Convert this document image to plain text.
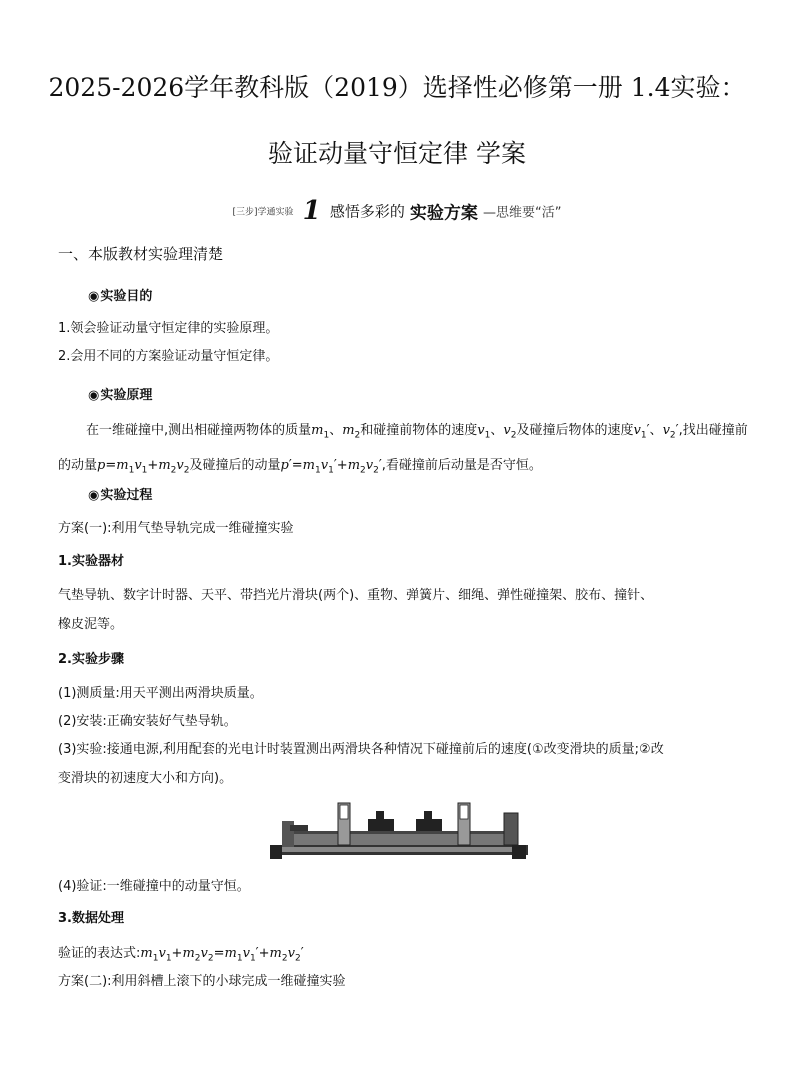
2025-2026学年教科版（2019）选择性必修第一册 1.4实验：
验证动量守恒定律 学案
[三步]学通实验 1 感悟多彩的 实验方案 —思维要“活”
一、本版教材实验理清楚
◉实验目的
1.领会验证动量守恒定律的实验原理。
2.会用不同的方案验证动量守恒定律。
◉实验原理
在一维碰撞中,测出相碰撞两物体的质量$m_1$、$m_2$和碰撞前物体的速度$v_1$、$v_2$及碰撞后物体的速度$v_1'$、$v_2'$,找出碰撞前的动量$p=m_1v_1+m_2v_2$及碰撞后的动量$p'=m_1v_1'+m_2v_2'$,看碰撞前后动量是否守恒。
◉实验过程
方案(一):利用气垫导轨完成一维碰撞实验
1.实验器材
气垫导轨、数字计时器、天平、带挡光片滑块(两个)、重物、弹簧片、细绳、弹性碰撞架、胶布、撞针、
橡皮泥等。
2.实验步骤
(1)测质量:用天平测出两滑块质量。
(2)安装:正确安装好气垫导轨。
(3)实验:接通电源,利用配套的光电计时装置测出两滑块各种情况下碰撞前后的速度(①改变滑块的质量;②改
变滑块的初速度大小和方向)。
(4)验证:一维碰撞中的动量守恒。
3.数据处理
验证的表达式$:m_1v_1+m_2v_2=m_1v_1'+m_2v_2'$
方案(二):利用斜槽上滚下的小球完成一维碰撞实验
